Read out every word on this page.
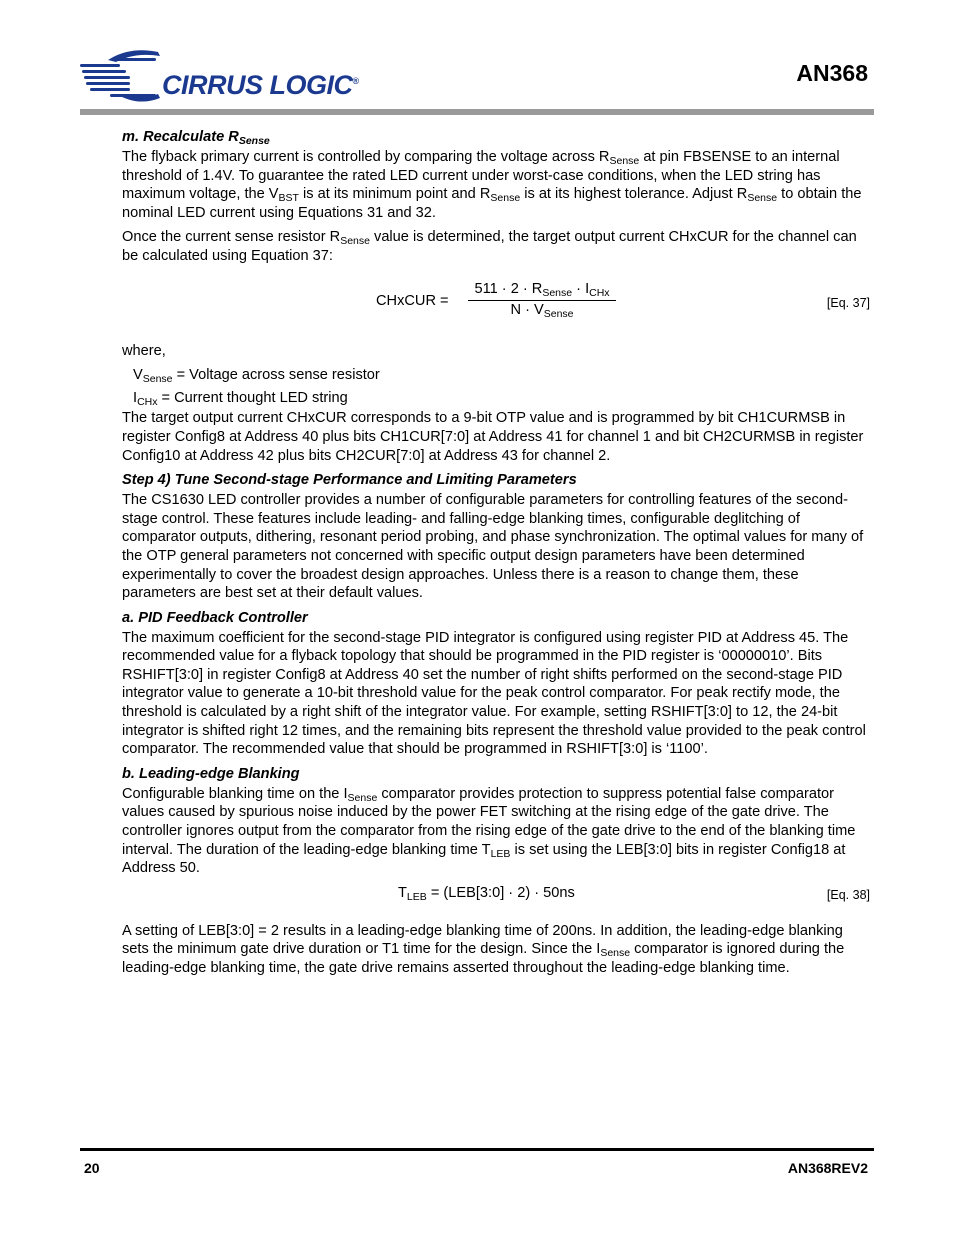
CIRRUS LOGIC®	AN368
m. Recalculate $R_{Sense}$

The flyback primary current is controlled by comparing the voltage across $R_{Sense}$ at pin FBSENSE to an internal threshold of 1.4V. To guarantee the rated LED current under worst-case conditions, when the LED string has maximum voltage, the $V_{BST}$ is at its minimum point and $R_{Sense}$ is at its highest tolerance. Adjust $R_{Sense}$ to obtain the nominal LED current using Equations 31 and 32.

Once the current sense resistor $R_{Sense}$ value is determined, the target output current CHxCUR for the channel can be calculated using Equation 37:

CHxCUR =
$511 \cdot 2 \cdot R_{Sense} \cdot I_{CHx}$
$N \cdot V_{Sense}$
[Eq. 37]

where,

$V_{Sense}$ = Voltage across sense resistor

$I_{CHx}$ = Current thought LED string

The target output current CHxCUR corresponds to a 9-bit OTP value and is programmed by bit CH1CURMSB in register Config8 at Address 40 plus bits CH1CUR[7:0] at Address 41 for channel 1 and bit CH2CURMSB in register Config10 at Address 42 plus bits CH2CUR[7:0] at Address 43 for channel 2.

Step 4) Tune Second-stage Performance and Limiting Parameters

The CS1630 LED controller provides a number of configurable parameters for controlling features of the second-stage control. These features include leading- and falling-edge blanking times, configurable deglitching of comparator outputs, dithering, resonant period probing, and phase synchronization. The optimal values for many of the OTP general parameters not concerned with specific output design parameters have been determined experimentally to cover the broadest design approaches. Unless there is a reason to change them, these parameters are best set at their default values.

a. PID Feedback Controller

The maximum coefficient for the second-stage PID integrator is configured using register PID at Address 45. The recommended value for a flyback topology that should be programmed in the PID register is ‘00000010’. Bits RSHIFT[3:0] in register Config8 at Address 40 set the number of right shifts performed on the second-stage PID integrator value to generate a 10-bit threshold value for the peak control comparator. For peak rectify mode, the threshold is calculated by a right shift of the integrator value. For example, setting RSHIFT[3:0] to 12, the 24-bit integrator is shifted right 12 times, and the remaining bits represent the threshold value provided to the peak control comparator. The recommended value that should be programmed in RSHIFT[3:0] is ‘1100’.

b. Leading-edge Blanking

Configurable blanking time on the $I_{Sense}$ comparator provides protection to suppress potential false comparator values caused by spurious noise induced by the power FET switching at the rising edge of the gate drive. The controller ignores output from the comparator from the rising edge of the gate drive to the end of the blanking time interval. The duration of the leading-edge blanking time $T_{LEB}$ is set using the LEB[3:0] bits in register Config18 at Address 50.

$T_{LEB}$ = (LEB[3:0] · 2) · 50ns	[Eq. 38]

A setting of LEB[3:0] = 2 results in a leading-edge blanking time of 200ns. In addition, the leading-edge blanking sets the minimum gate drive duration or T1 time for the design. Since the $I_{Sense}$ comparator is ignored during the leading-edge blanking time, the gate drive remains asserted throughout the leading-edge blanking time.

20	AN368REV2
